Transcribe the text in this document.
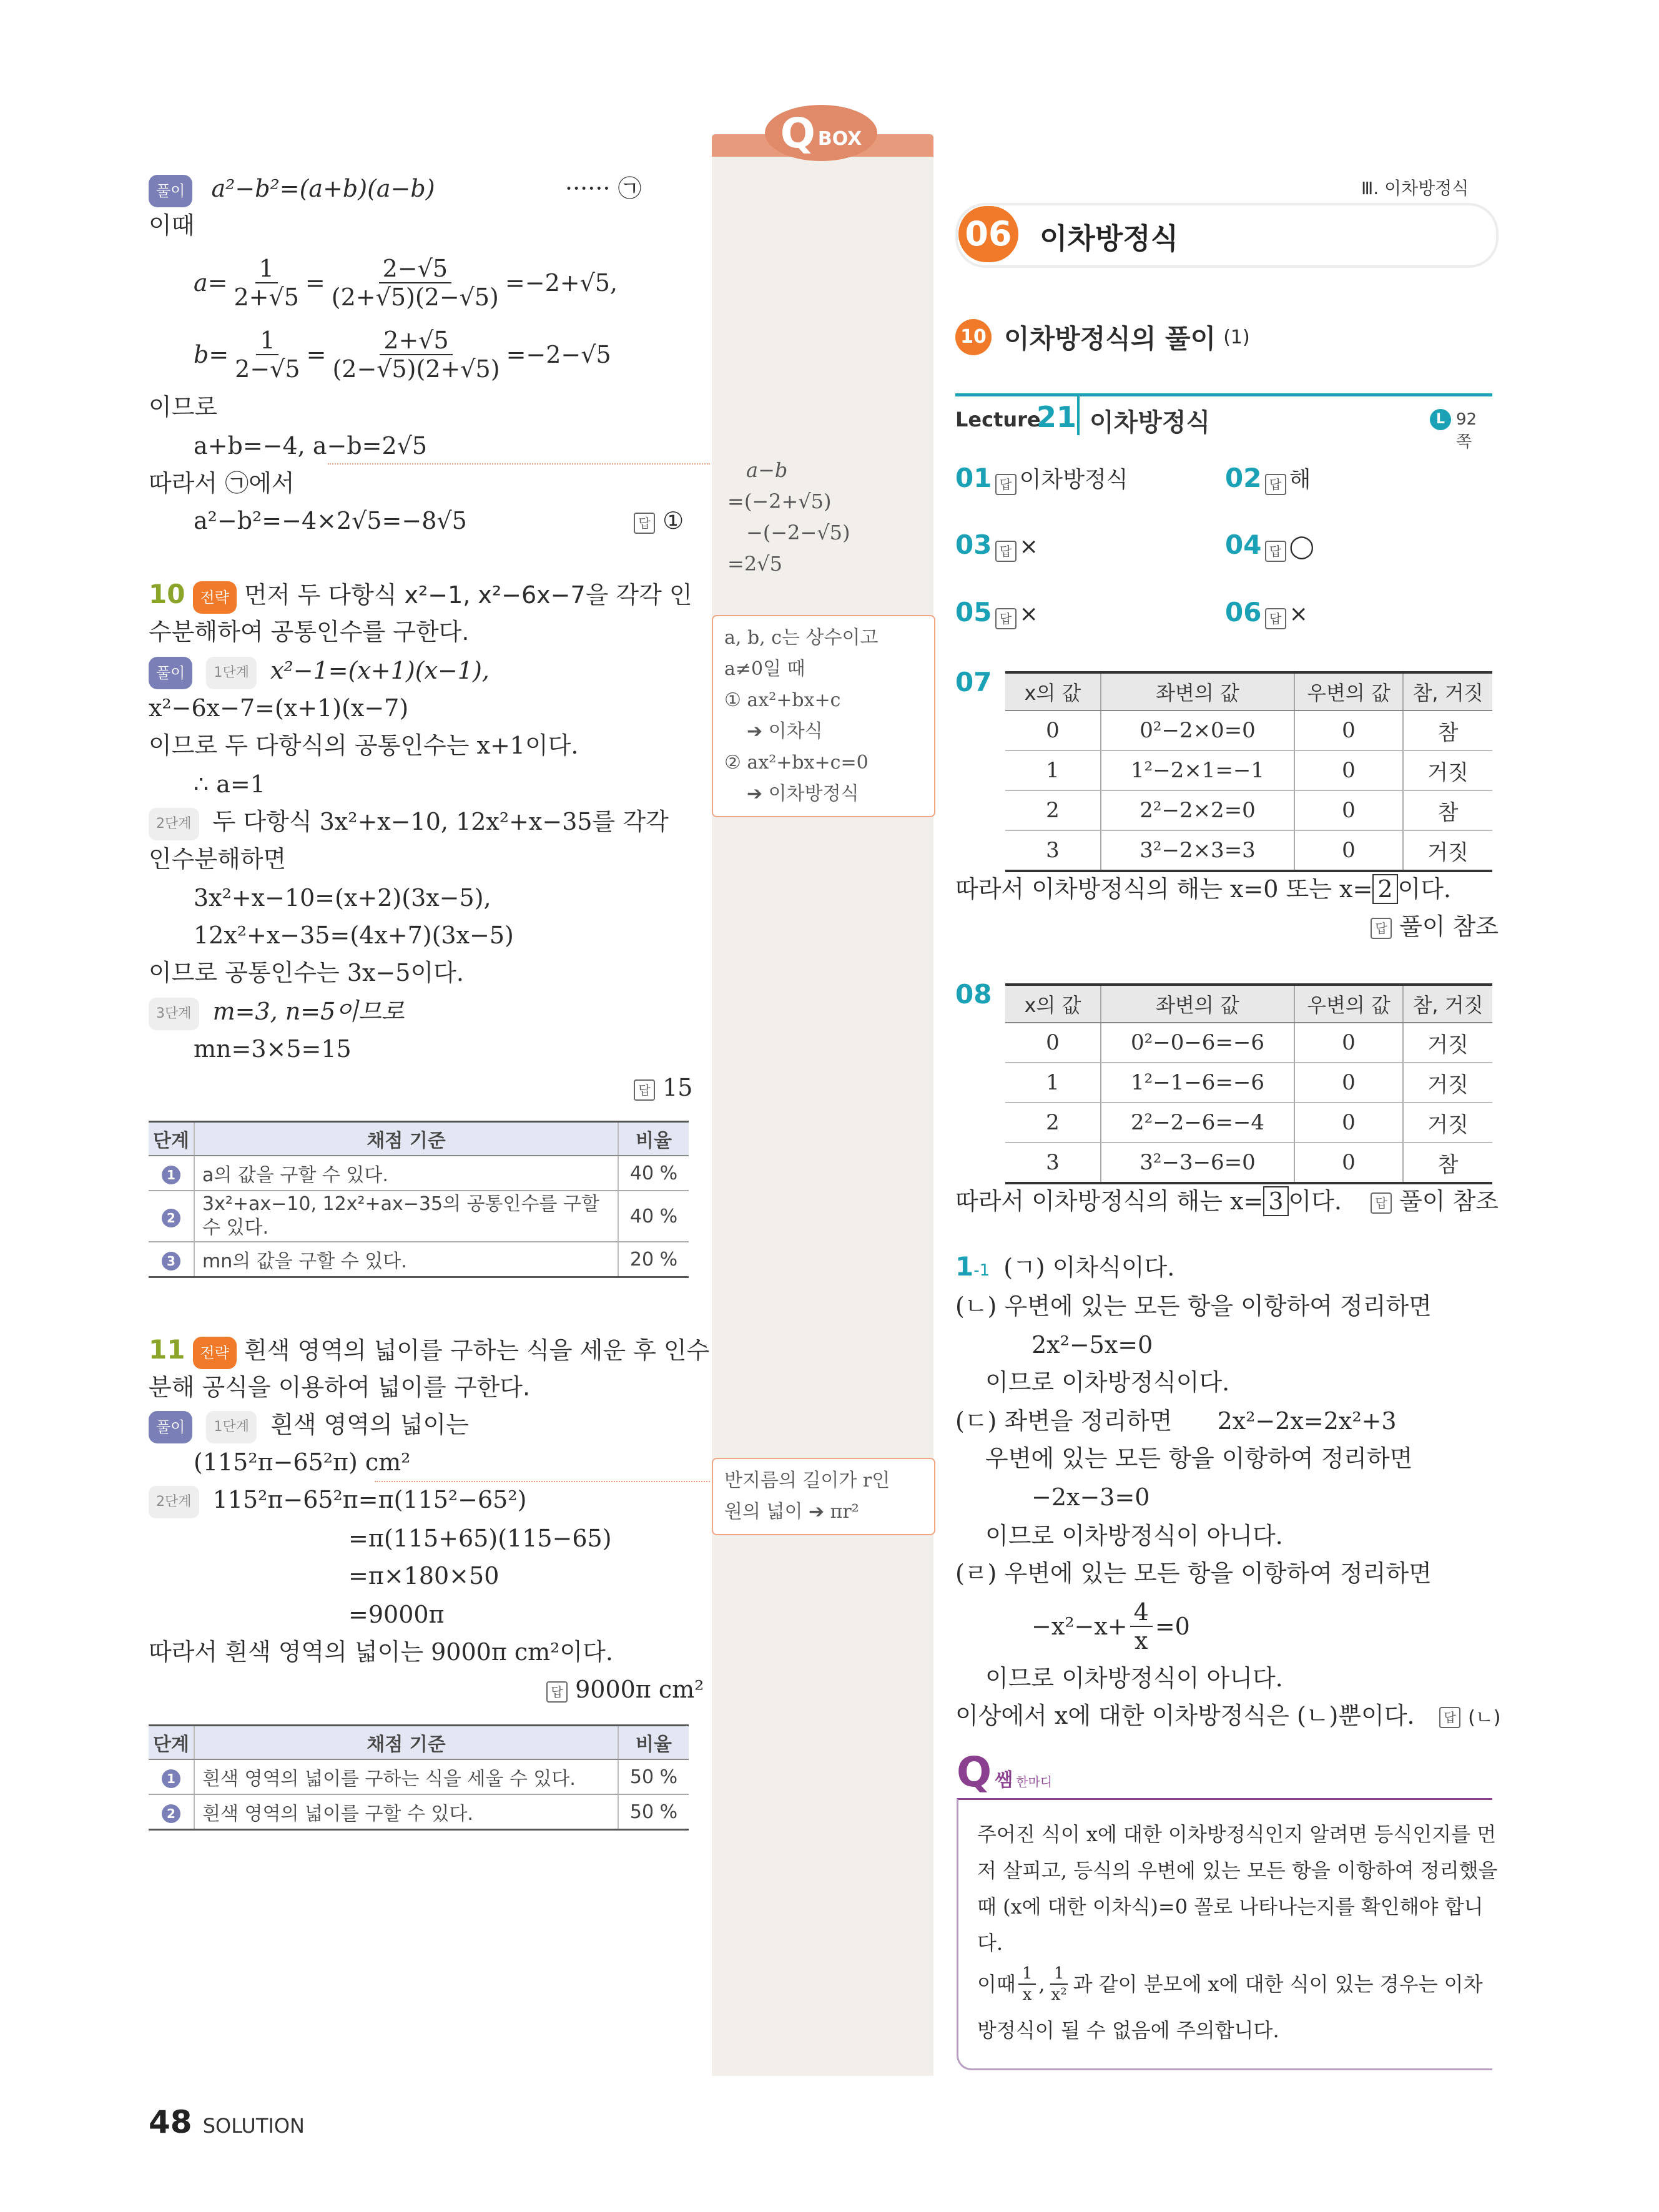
Q BOX
풀이 a²−b²=(a+b)(a−b)	······ ㉠
이때
$a= \frac{1}{2+√5} = \frac{2-√5}{(2+√5)(2-√5)} =-2+√5$,
$b= \frac{1}{2-√5} = \frac{2+√5}{(2-√5)(2+√5)} =-2-√5$
이므로
a+b=−4, a−b=2√5
따라서 ㉠에서
a²−b²=−4×2√5=−8√5	답 ①
10 전략 먼저 두 다항식 x²−1, x²−6x−7을 각각 인
수분해하여 공통인수를 구한다.
풀이 1단계 x²−1=(x+1)(x−1),
x²−6x−7=(x+1)(x−7)
이므로 두 다항식의 공통인수는 x+1이다.
∴ a=1
2단계 두 다항식 3x²+x−10, 12x²+x−35를 각각
인수분해하면
3x²+x−10=(x+2)(3x−5),
12x²+x−35=(4x+7)(3x−5)
이므로 공통인수는 3x−5이다.
3단계 m=3, n=5이므로
mn=3×5=15
답 15
단계	채점 기준	비율
1	a의 값을 구할 수 있다.	40 %
2	3x²+ax−10, 12x²+ax−35의 공통인수를 구할 수 있다.	40 %
3	mn의 값을 구할 수 있다.	20 %
11 전략 흰색 영역의 넓이를 구하는 식을 세운 후 인수
분해 공식을 이용하여 넓이를 구한다.
풀이 1단계 흰색 영역의 넓이는
(115²π−65²π) cm²
2단계 115²π−65²π=π(115²−65²)
=π(115+65)(115−65)
=π×180×50
=9000π
따라서 흰색 영역의 넓이는 9000π cm²이다.
답 9000π cm²
단계	채점 기준	비율
1	흰색 영역의 넓이를 구하는 식을 세울 수 있다.	50 %
2	흰색 영역의 넓이를 구할 수 있다.	50 %
a−b
=(−2+√5)
−(−2−√5)
=2√5
a, b, c는 상수이고
a≠0일 때
① ax²+bx+c
➔ 이차식
② ax²+bx+c=0
➔ 이차방정식
반지름의 길이가 r인
원의 넓이 ➔ πr²
Ⅲ. 이차방정식
06 이차방정식
10 이차방정식의 풀이 (1)
Lecture
21 이차방정식	L 92쪽
01 답 이차방정식	02 답 해
03 답 ×	04 답 ◯
05 답 ×	06 답 ×
07 x의 값	좌변의 값	우변의 값	참, 거짓
0	0²−2×0=0	0	참
1	1²−2×1=−1	0	거짓
2	2²−2×2=0	0	참
3	3²−2×3=3	0	거짓
따라서 이차방정식의 해는 x=0 또는 x= 2 이다.
답 풀이 참조
08 x의 값	좌변의 값	우변의 값	참, 거짓
0	0²−0−6=−6	0	거짓
1	1²−1−6=−6	0	거짓
2	2²−2−6=−4	0	거짓
3	3²−3−6=0	0	참
따라서 이차방정식의 해는 x= 3 이다.	답 풀이 참조
1-1 (ㄱ) 이차식이다.
(ㄴ) 우변에 있는 모든 항을 이항하여 정리하면
2x²−5x=0
이므로 이차방정식이다.
(ㄷ) 좌변을 정리하면 2x²−2x=2x²+3
우변에 있는 모든 항을 이항하여 정리하면
−2x−3=0
이므로 이차방정식이 아니다.
(ㄹ) 우변에 있는 모든 항을 이항하여 정리하면
$-x^2-x+ \frac{4}{x} =0$
이므로 이차방정식이 아니다.
이상에서 x에 대한 이차방정식은 (ㄴ)뿐이다.	답 (ㄴ)
Q 쌤 한마디
주어진 식이 x에 대한 이차방정식인지 알려면 등식인지를 먼
저 살피고, 등식의 우변에 있는 모든 항을 이항하여 정리했을
때 (x에 대한 이차식)=0 꼴로 나타나는지를 확인해야 합니
다.
이때 $\frac{1}{x}$ , $\frac{1}{\text{x²}}$ 과 같이 분모에 x에 대한 식이 있는 경우는 이차
방정식이 될 수 없음에 주의합니다.
48 SOLUTION
